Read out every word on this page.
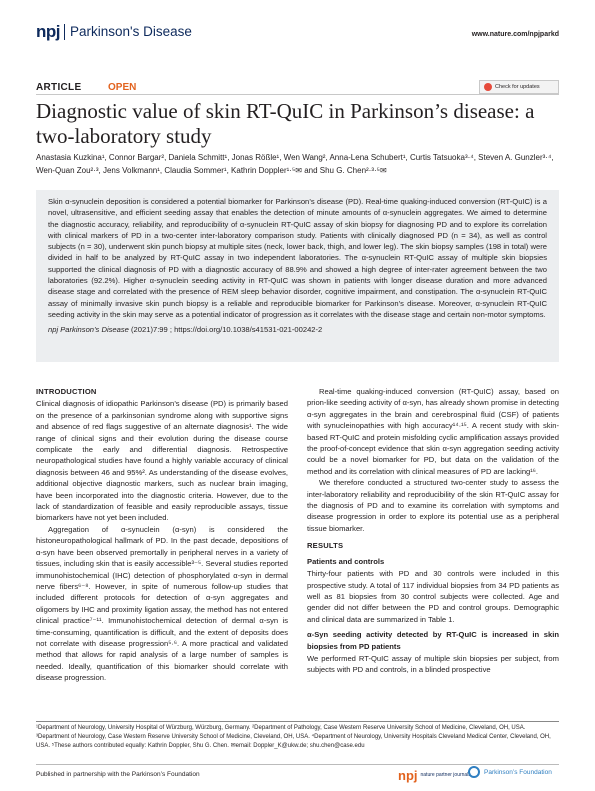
npj Parkinson's Disease	www.nature.com/npjparkd
ARTICLE	OPEN	Check for updates
Diagnostic value of skin RT-QuIC in Parkinson’s disease: a two-laboratory study
Anastasia Kuzkina¹, Connor Bargar², Daniela Schmitt¹, Jonas Rößle¹, Wen Wang², Anna-Lena Schubert¹, Curtis Tatsuoka³·⁴, Steven A. Gunzler³·⁴, Wen-Quan Zou²·³, Jens Volkmann¹, Claudia Sommer¹, Kathrin Doppler¹·⁵✉ and Shu G. Chen²·³·⁵✉
Skin α-synuclein deposition is considered a potential biomarker for Parkinson’s disease (PD). Real-time quaking-induced conversion (RT-QuIC) is a novel, ultrasensitive, and efficient seeding assay that enables the detection of minute amounts of α-synuclein aggregates. We aimed to determine the diagnostic accuracy, reliability, and reproducibility of α-synuclein RT-QuIC assay of skin biopsy for diagnosing PD and to explore its correlation with clinical markers of PD in a two-center inter-laboratory comparison study. Patients with clinically diagnosed PD (n = 34), as well as control subjects (n = 30), underwent skin punch biopsy at multiple sites (neck, lower back, thigh, and lower leg). The skin biopsy samples (198 in total) were divided in half to be analyzed by RT-QuIC assay in two independent laboratories. The α-synuclein RT-QuIC assay of multiple skin biopsies supported the clinical diagnosis of PD with a diagnostic accuracy of 88.9% and showed a high degree of inter-rater agreement between the two laboratories (92.2%). Higher α-synuclein seeding activity in RT-QuIC was shown in patients with longer disease duration and more advanced disease stage and correlated with the presence of REM sleep behavior disorder, cognitive impairment, and constipation. The α-synuclein RT-QuIC assay of minimally invasive skin punch biopsy is a reliable and reproducible biomarker for Parkinson’s disease. Moreover, α-synuclein RT-QuIC seeding activity in the skin may serve as a potential indicator of progression as it correlates with the disease stage and certain non-motor symptoms.
npj Parkinson’s Disease (2021)7:99 ; https://doi.org/10.1038/s41531-021-00242-2
INTRODUCTION

Clinical diagnosis of idiopathic Parkinson’s disease (PD) is primarily based on the presence of a parkinsonian syndrome along with supportive signs and absence of red flags suggestive of an alternate diagnosis¹. The wide range of clinical signs and their evolution during the disease course complicate the early and differential diagnosis. Retrospective neuropathological studies have found a highly variable accuracy of clinical diagnosis between 46 and 95%². As understanding of the disease evolves, additional objective diagnostic markers, such as nuclear brain imaging, have been incorporated into the diagnostic criteria. However, due to the lack of standardization of feasible and easily reproducible assays, tissue biomarkers have not yet been included.

Aggregation of α-synuclein (α-syn) is considered the histoneuropathological hallmark of PD. In the past decade, depositions of α-syn have been observed premortally in peripheral nerves in a variety of tissues, including skin that is easily accessible³⁻⁵. Several studies reported immunohistochemical (IHC) detection of phosphorylated α-syn in dermal nerve fibers⁶⁻⁸. However, in spite of numerous follow-up studies that included different protocols for detection of α-syn aggregates and oligomers by IHC and proximity ligation assay, the method has not entered clinical practice⁷⁻¹¹. Immunohistochemical detection of dermal α-syn is time-consuming, quantification is difficult, and the extent of deposits does not correlate with disease progression⁵·⁶. A more practical and validated method that allows for rapid analysis of a large number of samples is needed. Ideally, quantification of this biomarker should correlate with disease progression.

Real-time quaking-induced conversion (RT-QuIC) assay, based on prion-like seeding activity of α-syn, has already shown promise in detecting α-syn aggregates in the brain and cerebrospinal fluid (CSF) of patients with synucleinopathies with high accuracy¹⁴·¹⁵. A recent study with skin-based RT-QuIC and protein misfolding cyclic amplification assays provided the proof-of-concept evidence that skin α-syn aggregation seeding activity could be a novel biomarker for PD, but data on the validation of the method and its correlation with clinical measures of PD are lacking¹⁶.

We therefore conducted a structured two-center study to assess the inter-laboratory reliability and reproducibility of the skin RT-QuIC assay for the diagnosis of PD and to examine its correlation with symptoms and disease progression in order to explore its potential use as a peripheral tissue biomarker.

RESULTS
Patients and controls

Thirty-four patients with PD and 30 controls were included in this prospective study. A total of 117 individual biopsies from 34 PD patients as well as 81 biopsies from 30 control subjects were collected. Age and gender did not differ between the PD and control groups. Demographic and clinical data are summarized in Table 1.

α-Syn seeding activity detected by RT-QuIC is increased in skin biopsies from PD patients

We performed RT-QuIC assay of multiple skin biopsies per subject, from subjects with PD and controls, in a blinded prospective

¹Department of Neurology, University Hospital of Würzburg, Würzburg, Germany. ²Department of Pathology, Case Western Reserve University School of Medicine, Cleveland, OH, USA. ³Department of Neurology, Case Western Reserve University School of Medicine, Cleveland, OH, USA. ⁴Department of Neurology, University Hospitals Cleveland Medical Center, Cleveland, OH, USA. ⁵These authors contributed equally: Kathrin Doppler, Shu G. Chen. ✉email: Doppler_K@ukw.de; shu.chen@case.edu
Published in partnership with the Parkinson’s Foundation	npj nature partner journals Parkinson’s Foundation
